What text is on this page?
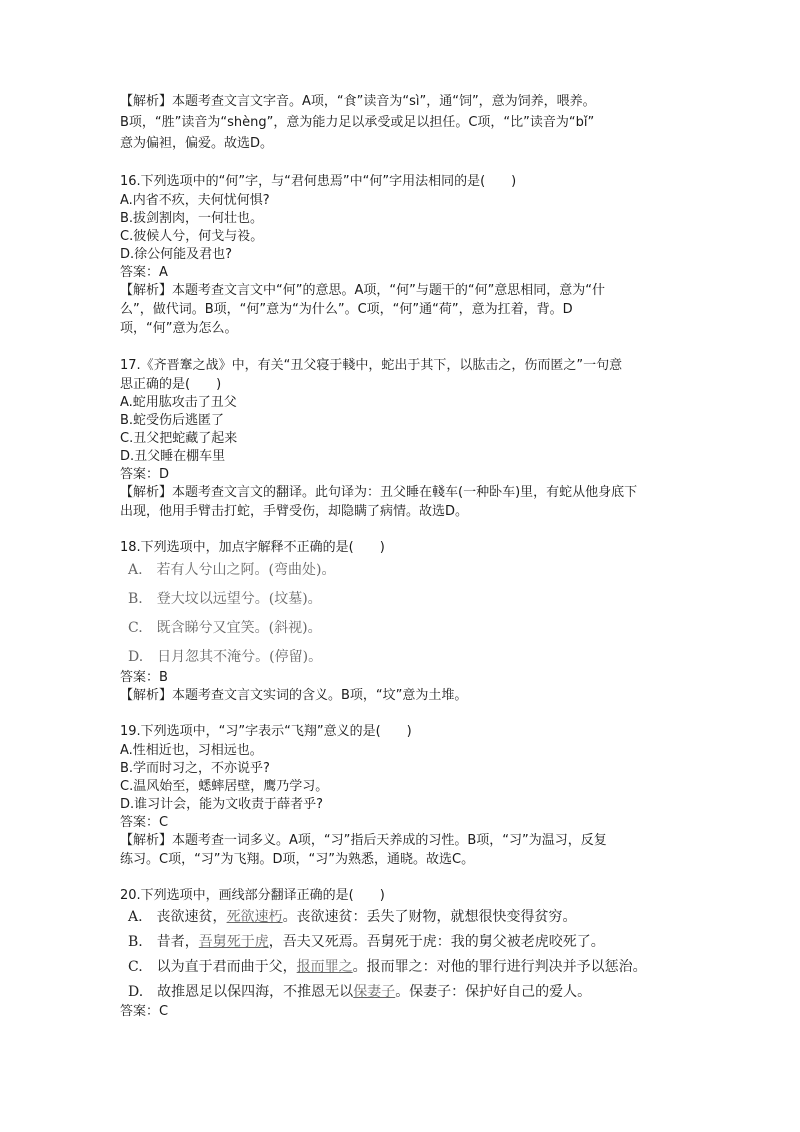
【解析】本题考查文言文字音。A项，“食”读音为“sì”，通“饲”，意为饲养，喂养。
B项，“胜”读音为“shèng”，意为能力足以承受或足以担任。C项，“比”读音为“bǐ”
意为偏袒，偏爱。故选D。
16.下列选项中的“何”字，与“君何患焉”中“何”字用法相同的是(　　)
A.内省不疚，夫何忧何惧?
B.拔剑割肉，一何壮也。
C.彼候人兮，何戈与祋。
D.徐公何能及君也?
答案：A
【解析】本题考查文言文中“何”的意思。A项，“何”与题干的“何”意思相同，意为“什
么”，做代词。B项，“何”意为“为什么”。C项，“何”通“荷”，意为扛着，背。D
项，“何”意为怎么。
17.《齐晋鞌之战》中，有关“丑父寝于輚中，蛇出于其下，以肱击之，伤而匿之”一句意
思正确的是(　　)
A.蛇用肱攻击了丑父
B.蛇受伤后逃匿了
C.丑父把蛇藏了起来
D.丑父睡在棚车里
答案：D
【解析】本题考查文言文的翻译。此句译为：丑父睡在輚车(一种卧车)里，有蛇从他身底下
出现，他用手臂击打蛇，手臂受伤，却隐瞒了病情。故选D。
18.下列选项中，加点字解释不正确的是(　　)
A.　若有人兮山之阿。(弯曲处)。
B.　登大坟以远望兮。(坟墓)。
C.　既含睇兮又宜笑。(斜视)。
D.　日月忽其不淹兮。(停留)。
答案：B
【解析】本题考查文言文实词的含义。B项，“坟”意为土堆。
19.下列选项中，“习”字表示“飞翔”意义的是(　　)
A.性相近也，习相远也。
B.学而时习之，不亦说乎?
C.温风始至，蟋蟀居壁，鹰乃学习。
D.谁习计会，能为文收责于薛者乎?
答案：C
【解析】本题考查一词多义。A项，“习”指后天养成的习性。B项，“习”为温习，反复
练习。C项，“习”为飞翔。D项，“习”为熟悉，通晓。故选C。
20.下列选项中，画线部分翻译正确的是(　　)
A.　丧欲速贫，死欲速朽。丧欲速贫：丢失了财物，就想很快变得贫穷。
B.　昔者，吾舅死于虎，吾夫又死焉。吾舅死于虎：我的舅父被老虎咬死了。
C.　以为直于君而曲于父，报而罪之。报而罪之：对他的罪行进行判决并予以惩治。
D.　故推恩足以保四海，不推恩无以保妻子。保妻子：保护好自己的爱人。
答案：C
